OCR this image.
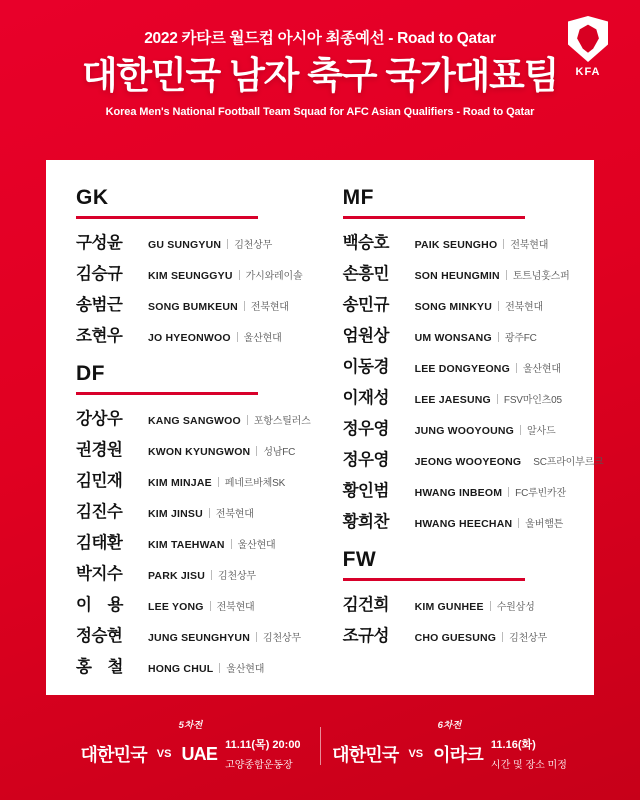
KFA
2022 카타르 월드컵 아시아 최종예선 - Road to Qatar
대한민국 남자 축구 국가대표팀
Korea Men's National Football Team Squad for AFC Asian Qualifiers - Road to Qatar
GK
구성윤	GU SUNGYUN 김천상무
김승규	KIM SEUNGGYU 가시와레이솔
송범근	SONG BUMKEUN 전북현대
조현우	JO HYEONWOO 울산현대
DF
강상우	KANG SANGWOO 포항스틸러스
권경원	KWON KYUNGWON 성남FC
김민재	KIM MINJAE 페네르바체SK
김진수	KIM JINSU 전북현대
김태환	KIM TAEHWAN 울산현대
박지수	PARK JISU 김천상무
이　용	LEE YONG 전북현대
정승현	JUNG SEUNGHYUN 김천상무
홍　철	HONG CHUL 울산현대
MF
백승호	PAIK SEUNGHO 전북현대
손흥민	SON HEUNGMIN 토트넘홋스퍼
송민규	SONG MINKYU 전북현대
엄원상	UM WONSANG 광주FC
이동경	LEE DONGYEONG 울산현대
이재성	LEE JAESUNG FSV마인츠05
정우영	JUNG WOOYOUNG 알사드
정우영	JEONG WOOYEONG SC프라이부르크
황인범	HWANG INBEOM FC루빈카잔
황희찬	HWANG HEECHAN 울버햄튼
FW
김건희	KIM GUNHEE 수원삼성
조규성	CHO GUESUNG 김천상무
5차전
대한민국 VS UAE 11.11(목) 20:00
고양종합운동장
6차전
대한민국 VS 이라크 11.16(화)
시간 및 장소 미정
